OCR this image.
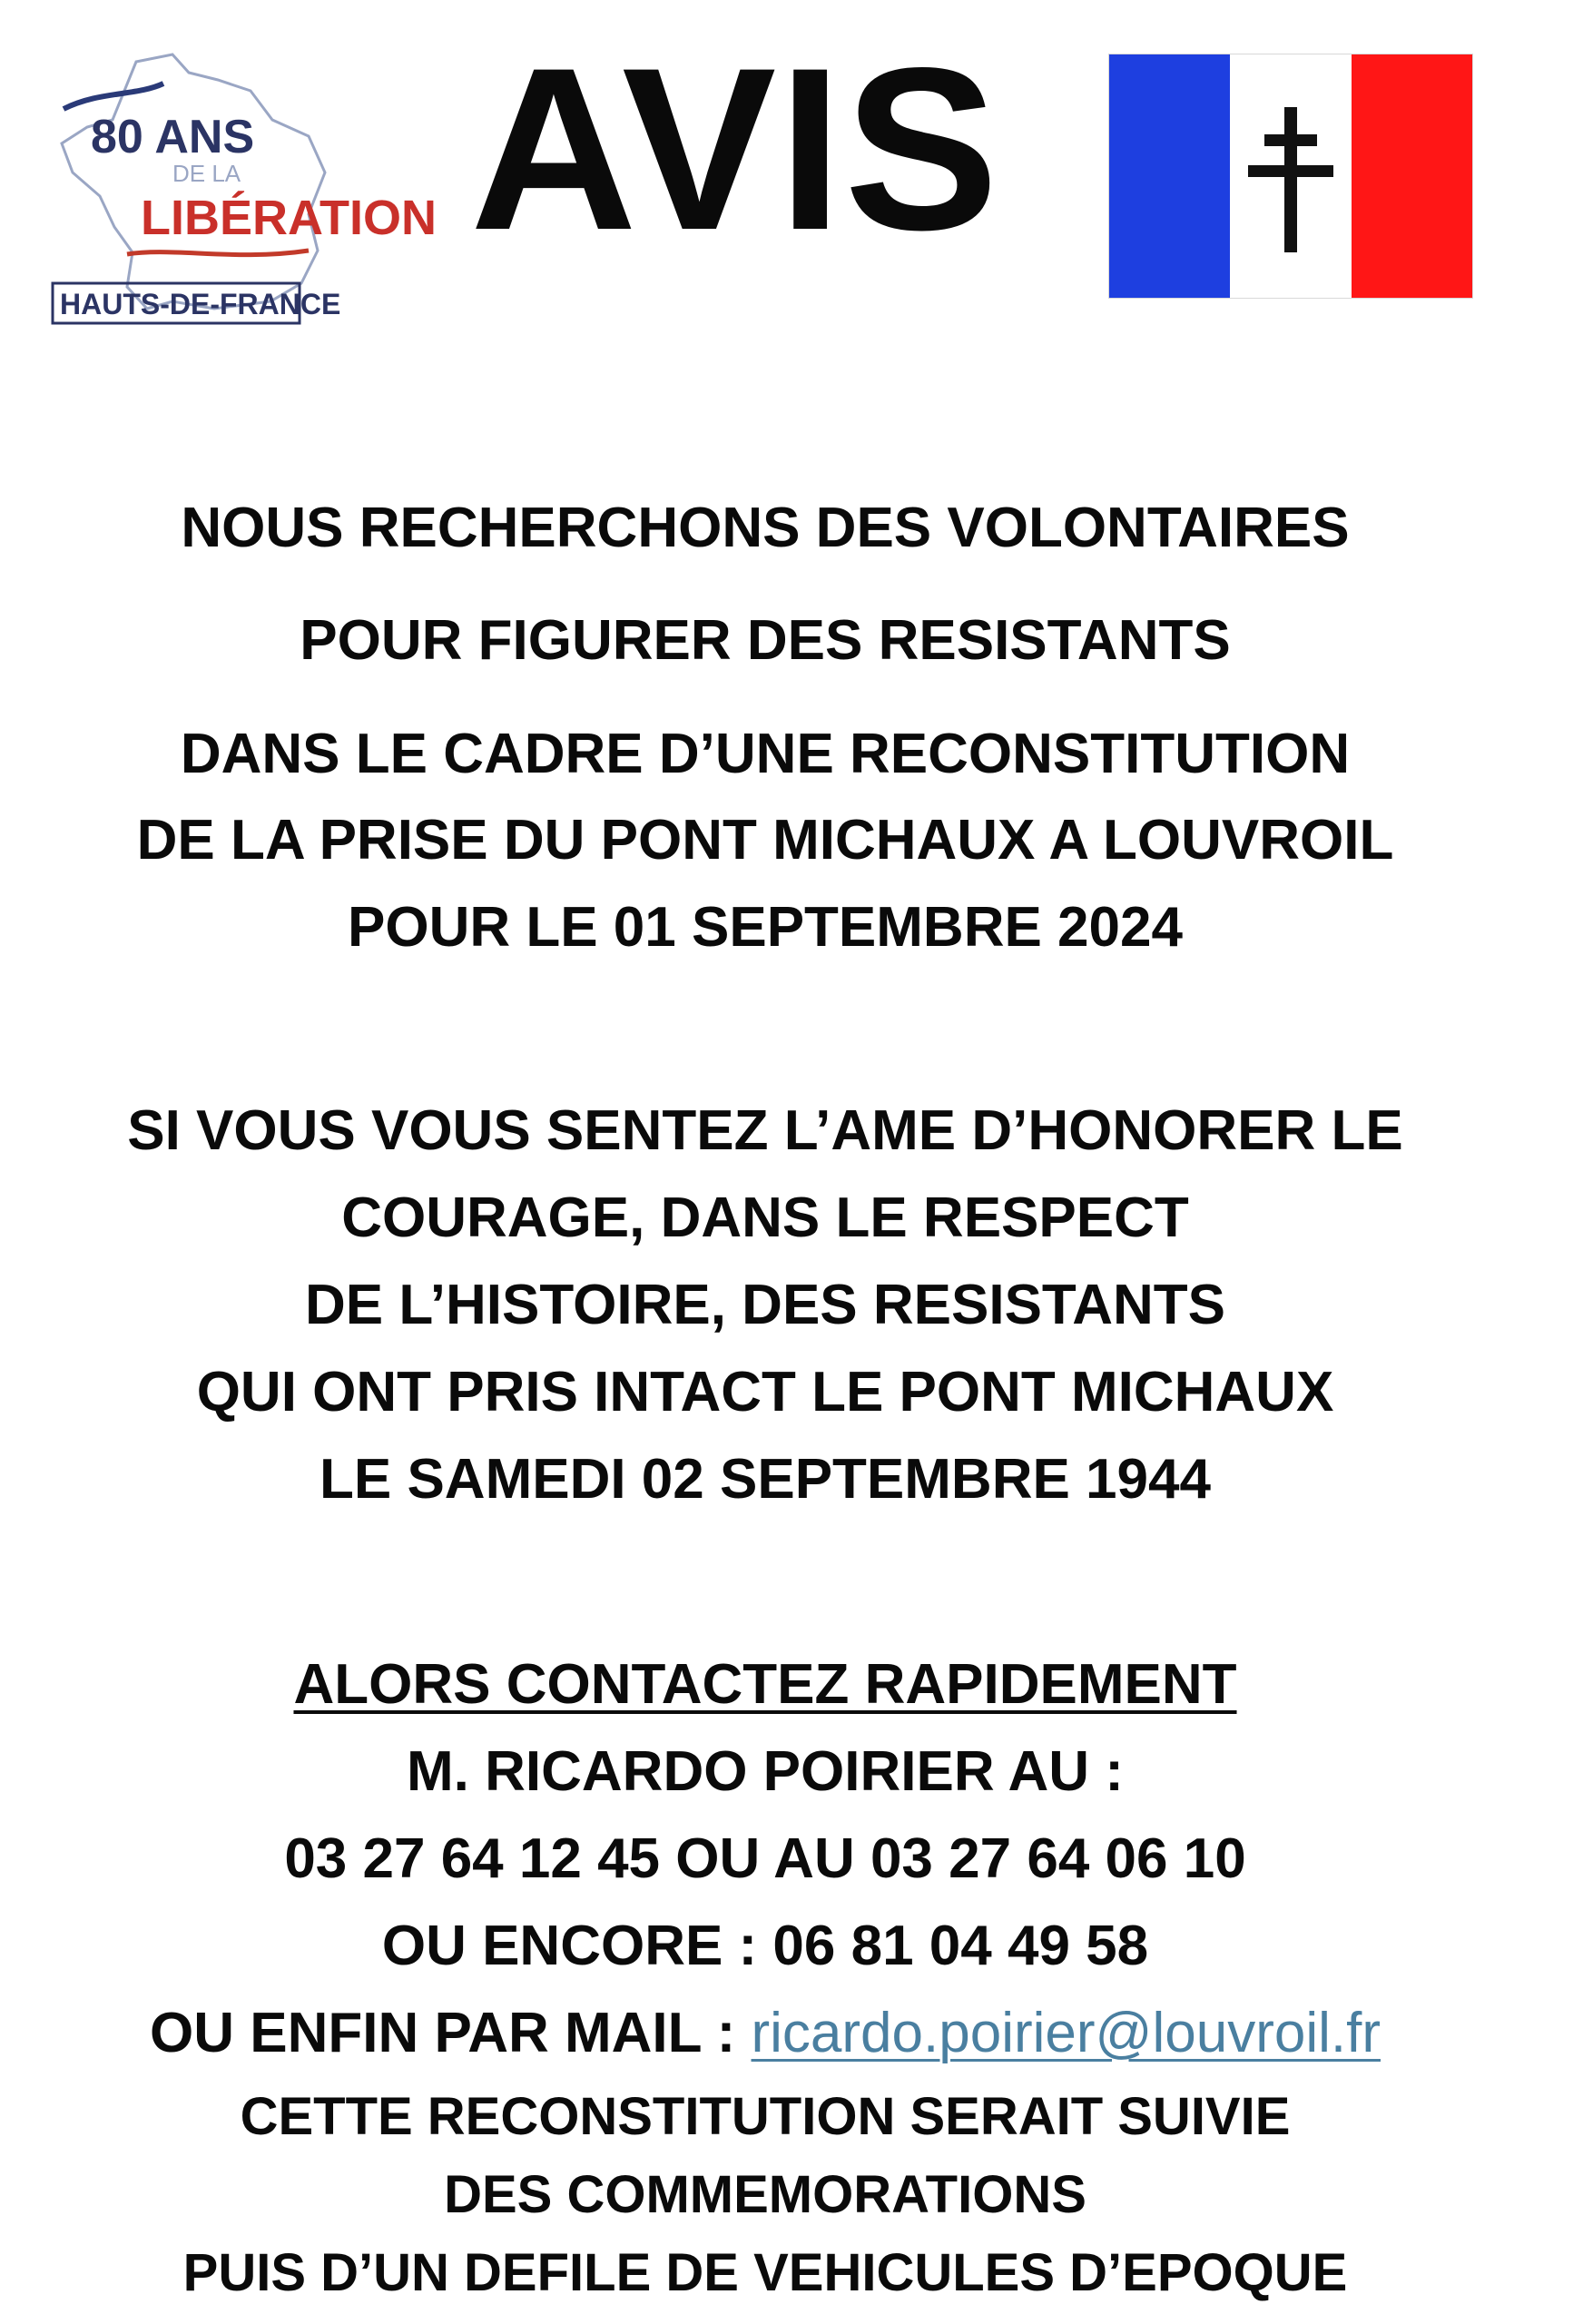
80 ANS
DE LA
LIBÉRATION
HAUTS-DE-FRANCE
AVIS
NOUS RECHERCHONS DES VOLONTAIRES
POUR FIGURER DES RESISTANTS
DANS LE CADRE D’UNE RECONSTITUTION
DE LA PRISE DU PONT MICHAUX A LOUVROIL
POUR LE 01 SEPTEMBRE 2024
SI VOUS VOUS SENTEZ L’AME D’HONORER LE
COURAGE, DANS LE RESPECT
DE L’HISTOIRE, DES RESISTANTS
QUI ONT PRIS INTACT LE PONT MICHAUX
LE SAMEDI 02 SEPTEMBRE 1944
ALORS CONTACTEZ RAPIDEMENT
M. RICARDO POIRIER AU :
03 27 64 12 45 OU AU 03 27 64 06 10
OU ENCORE : 06 81 04 49 58
OU ENFIN PAR MAIL : ricardo.poirier@louvroil.fr
CETTE RECONSTITUTION SERAIT SUIVIE
DES COMMEMORATIONS
PUIS D’UN DEFILE DE VEHICULES D’EPOQUE
